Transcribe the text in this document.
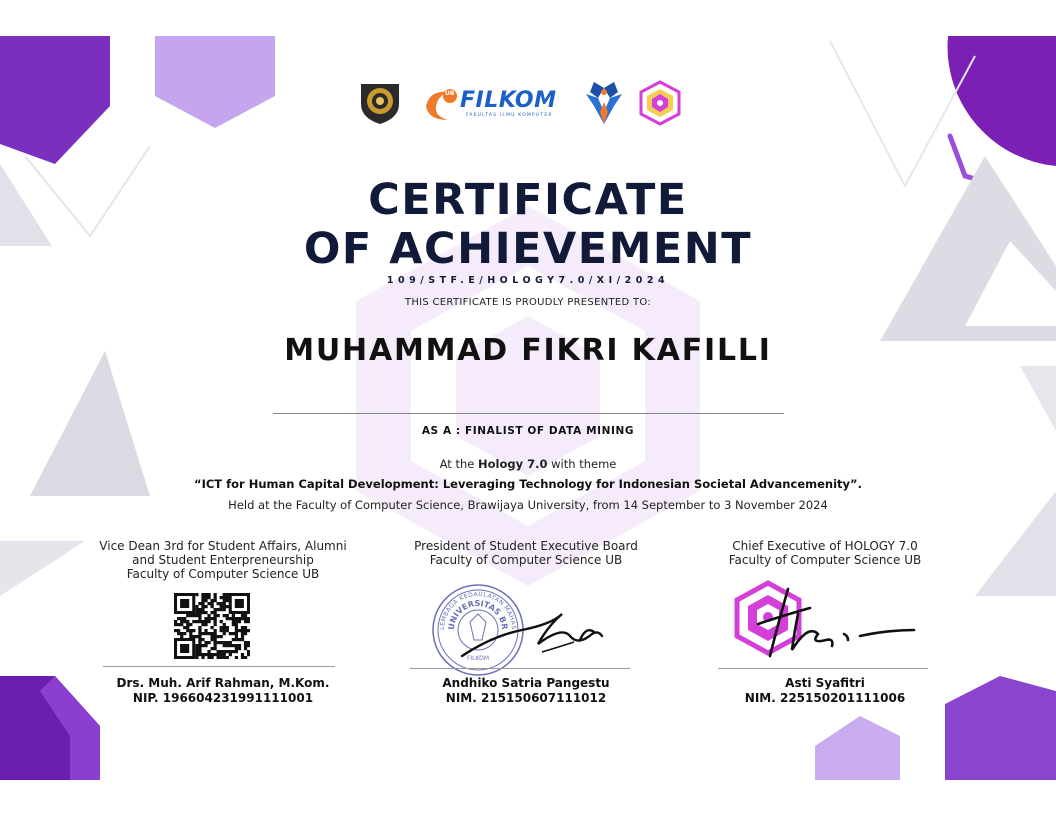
UB FILKOM
FAKULTAS ILMU KOMPUTER
CERTIFICATE
OF ACHIEVEMENT
109/STF.E/HOLOGY7.0/XI/2024
THIS CERTIFICATE IS PROUDLY PRESENTED TO:
MUHAMMAD FIKRI KAFILLI
AS A : FINALIST OF DATA MINING
At the Hology 7.0 with theme
“ICT for Human Capital Development: Leveraging Technology for Indonesian Societal Advancemenity”.
Held at the Faculty of Computer Science, Brawijaya University, from 14 September to 3 November 2024
Vice Dean 3rd for Student Affairs, Alumni
and Student Enterpreneurship
Faculty of Computer Science UB
Drs. Muh. Arif Rahman, M.Kom.
NIP. 196604231991111001
President of Student Executive Board
Faculty of Computer Science UB
LEMBAGA KEDAULATAN MAHAS
UNIVERSITAS BR
FILKOM
Andhiko Satria Pangestu
NIM. 215150607111012
Chief Executive of HOLOGY 7.0
Faculty of Computer Science UB
Asti Syafitri
NIM. 225150201111006
